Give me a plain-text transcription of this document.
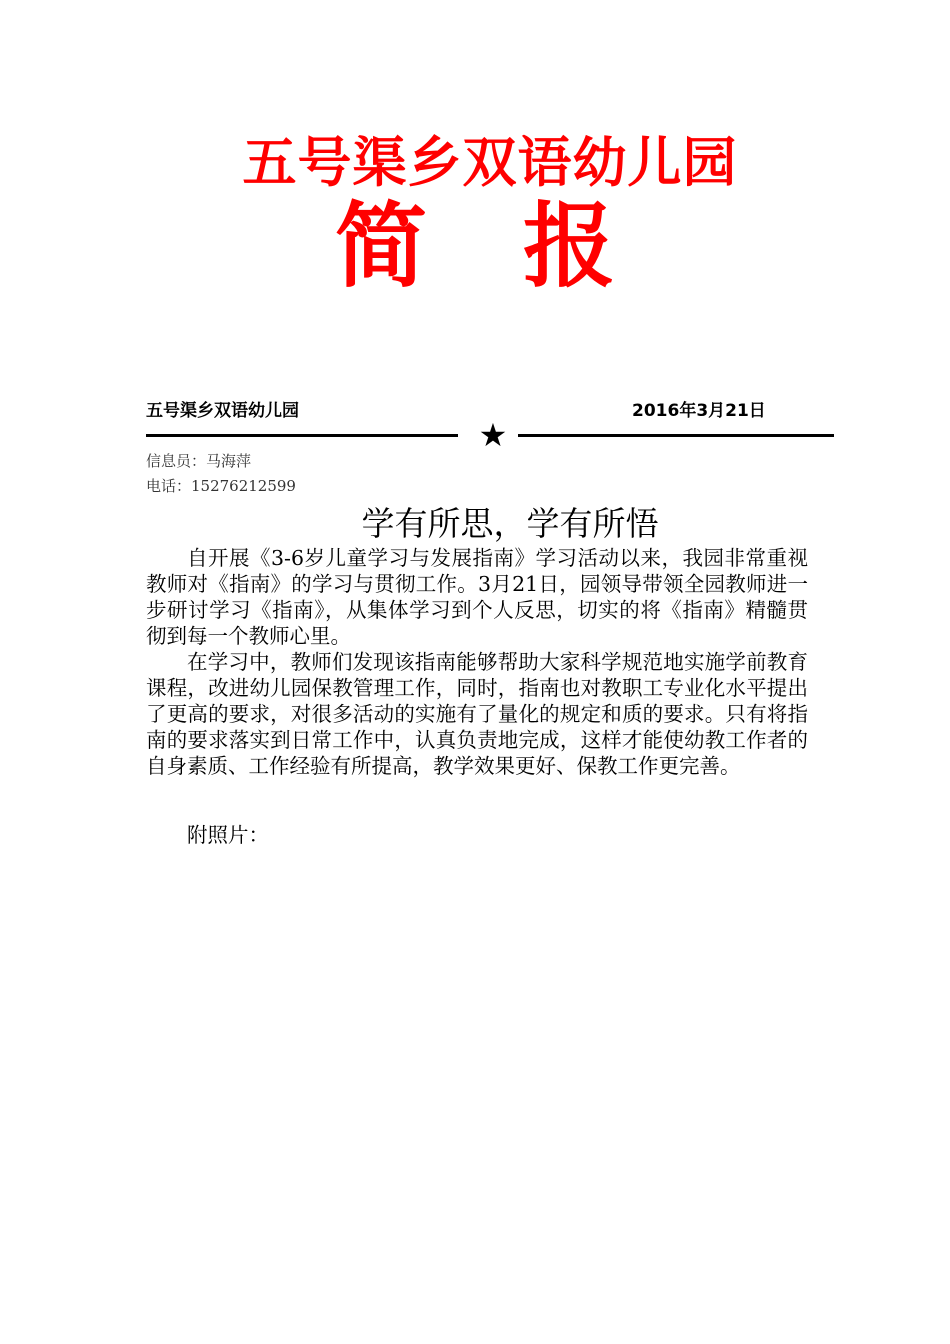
五号渠乡双语幼儿园
简 报
五号渠乡双语幼儿园	2016年3月21日
★
信息员：马海萍
电话：15276212599
学有所思，学有所悟

自开展《3-6岁儿童学习与发展指南》学习活动以来，我园非常重视教师对《指南》的学习与贯彻工作。3月21日，园领导带领全园教师进一步研讨学习《指南》，从集体学习到个人反思，切实的将《指南》精髓贯彻到每一个教师心里。

在学习中，教师们发现该指南能够帮助大家科学规范地实施学前教育课程，改进幼儿园保教管理工作，同时，指南也对教职工专业化水平提出了更高的要求，对很多活动的实施有了量化的规定和质的要求。只有将指南的要求落实到日常工作中，认真负责地完成，这样才能使幼教工作者的自身素质、工作经验有所提高，教学效果更好、保教工作更完善。

附照片：
